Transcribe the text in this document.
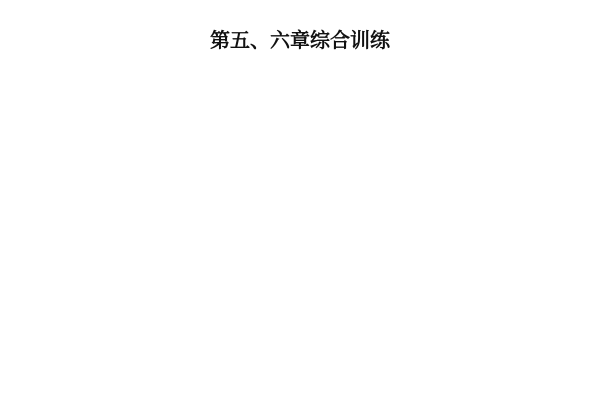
第五、六章综合训练
